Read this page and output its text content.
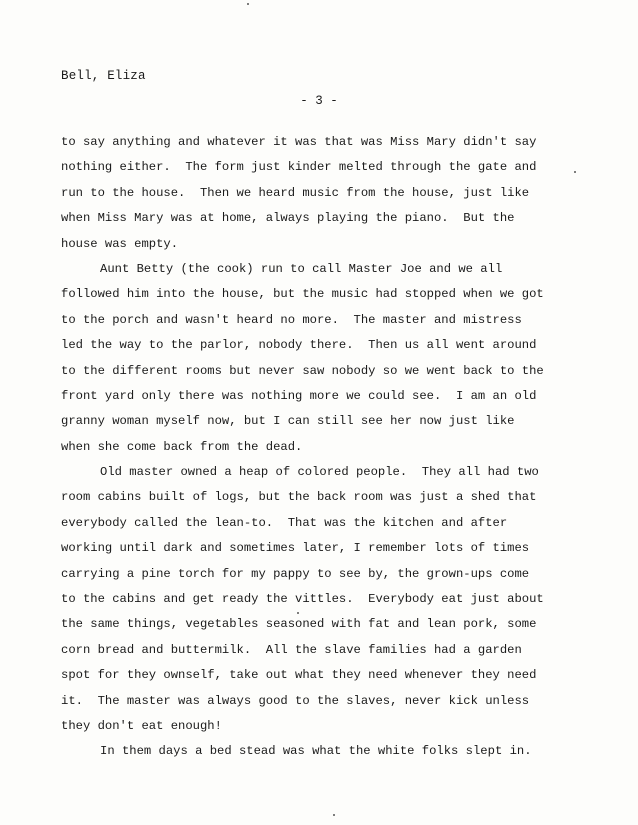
Bell, Eliza
- 3 -
to say anything and whatever it was that was Miss Mary didn't say
nothing either.  The form just kinder melted through the gate and
run to the house.  Then we heard music from the house, just like
when Miss Mary was at home, always playing the piano.  But the
house was empty.
Aunt Betty (the cook) run to call Master Joe and we all
followed him into the house, but the music had stopped when we got
to the porch and wasn't heard no more.  The master and mistress
led the way to the parlor, nobody there.  Then us all went around
to the different rooms but never saw nobody so we went back to the
front yard only there was nothing more we could see.  I am an old
granny woman myself now, but I can still see her now just like
when she come back from the dead.
Old master owned a heap of colored people.  They all had two
room cabins built of logs, but the back room was just a shed that
everybody called the lean-to.  That was the kitchen and after
working until dark and sometimes later, I remember lots of times
carrying a pine torch for my pappy to see by, the grown-ups come
to the cabins and get ready the vittles.  Everybody eat just about
the same things, vegetables seasoned with fat and lean pork, some
corn bread and buttermilk.  All the slave families had a garden
spot for they ownself, take out what they need whenever they need
it.  The master was always good to the slaves, never kick unless
they don't eat enough!
In them days a bed stead was what the white folks slept in.
